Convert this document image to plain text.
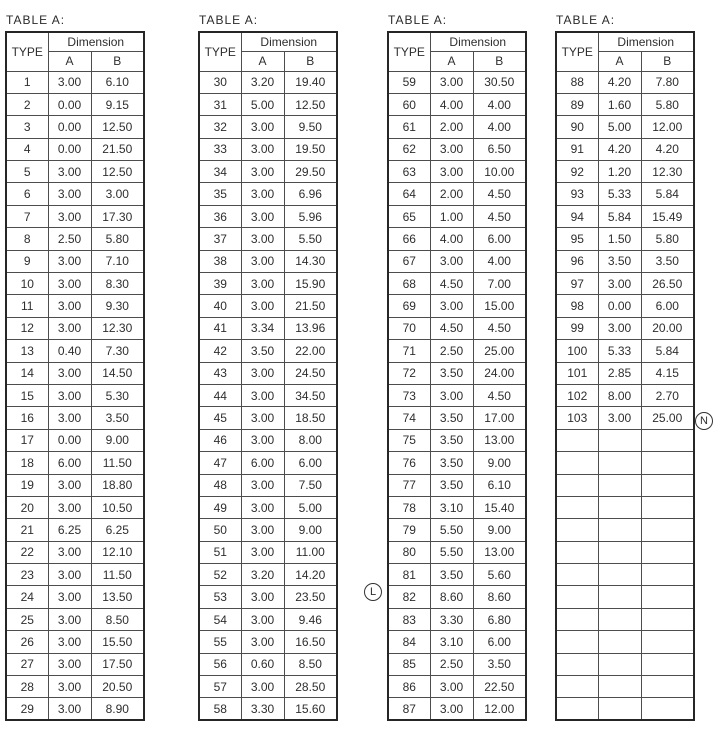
TABLE A:
TYPE	Dimension	
	A	B
1	3.00	6.10
2	0.00	9.15
3	0.00	12.50
4	0.00	21.50
5	3.00	12.50
6	3.00	3.00
7	3.00	17.30
8	2.50	5.80
9	3.00	7.10
10	3.00	8.30
11	3.00	9.30
12	3.00	12.30
13	0.40	7.30
14	3.00	14.50
15	3.00	5.30
16	3.00	3.50
17	0.00	9.00
18	6.00	11.50
19	3.00	18.80
20	3.00	10.50
21	6.25	6.25
22	3.00	12.10
23	3.00	11.50
24	3.00	13.50
25	3.00	8.50
26	3.00	15.50
27	3.00	17.50
28	3.00	20.50
29	3.00	8.90
TABLE A:
TYPE	Dimension	
	A	B
30	3.20	19.40
31	5.00	12.50
32	3.00	9.50
33	3.00	19.50
34	3.00	29.50
35	3.00	6.96
36	3.00	5.96
37	3.00	5.50
38	3.00	14.30
39	3.00	15.90
40	3.00	21.50
41	3.34	13.96
42	3.50	22.00
43	3.00	24.50
44	3.00	34.50
45	3.00	18.50
46	3.00	8.00
47	6.00	6.00
48	3.00	7.50
49	3.00	5.00
50	3.00	9.00
51	3.00	11.00
52	3.20	14.20
53	3.00	23.50
54	3.00	9.46
55	3.00	16.50
56	0.60	8.50
57	3.00	28.50
58	3.30	15.60
TABLE A:
TYPE	Dimension	
	A	B
59	3.00	30.50
60	4.00	4.00
61	2.00	4.00
62	3.00	6.50
63	3.00	10.00
64	2.00	4.50
65	1.00	4.50
66	4.00	6.00
67	3.00	4.00
68	4.50	7.00
69	3.00	15.00
70	4.50	4.50
71	2.50	25.00
72	3.50	24.00
73	3.00	4.50
74	3.50	17.00
75	3.50	13.00
76	3.50	9.00
77	3.50	6.10
78	3.10	15.40
79	5.50	9.00
80	5.50	13.00
81	3.50	5.60
82	8.60	8.60
83	3.30	6.80
84	3.10	6.00
85	2.50	3.50
86	3.00	22.50
87	3.00	12.00
TABLE A:
TYPE	Dimension	
	A	B
88	4.20	7.80
89	1.60	5.80
90	5.00	12.00
91	4.20	4.20
92	1.20	12.30
93	5.33	5.84
94	5.84	15.49
95	1.50	5.80
96	3.50	3.50
97	3.00	26.50
98	0.00	6.00
99	3.00	20.00
100	5.33	5.84
101	2.85	4.15
102	8.00	2.70
103	3.00	25.00

L
N
